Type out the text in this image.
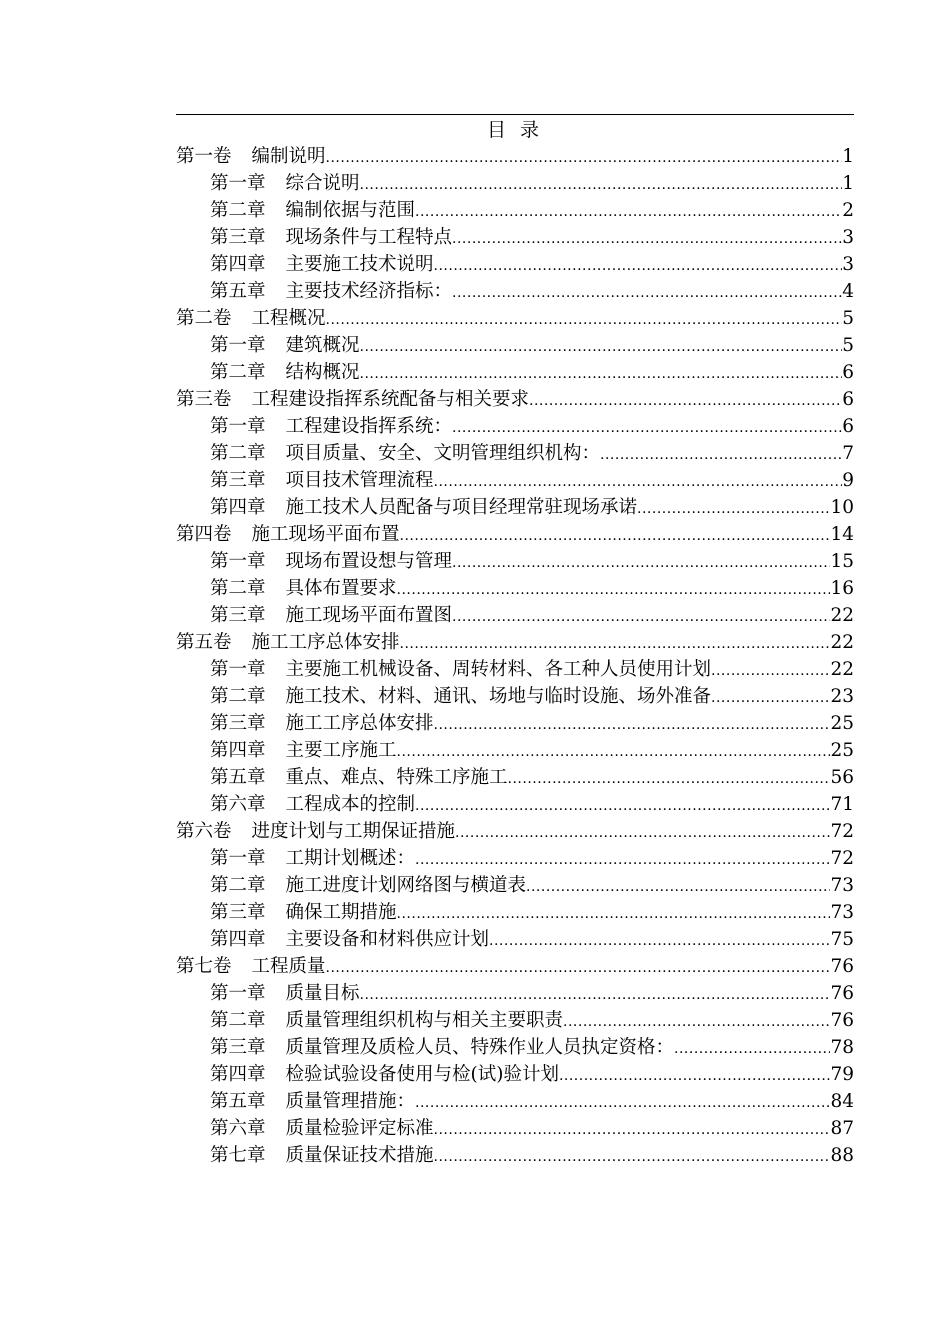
目 录
第一卷 编制说明 .....	1
第一章 综合说明 .....	1
第二章 编制依据与范围 .....	2
第三章 现场条件与工程特点 .....	3
第四章 主要施工技术说明 .....	3
第五章 主要技术经济指标： .....	4
第二卷 工程概况 .....	5
第一章 建筑概况 .....	5
第二章 结构概况 .....	6
第三卷 工程建设指挥系统配备与相关要求 .....	6
第一章 工程建设指挥系统： .....	6
第二章 项目质量、安全、文明管理组织机构： .....	7
第三章 项目技术管理流程 .....	9
第四章 施工技术人员配备与项目经理常驻现场承诺 .....	10
第四卷 施工现场平面布置 .....	14
第一章 现场布置设想与管理 .....	15
第二章 具体布置要求 .....	16
第三章 施工现场平面布置图 .....	22
第五卷 施工工序总体安排 .....	22
第一章 主要施工机械设备、周转材料、各工种人员使用计划 .....	22
第二章 施工技术、材料、通讯、场地与临时设施、场外准备 .....	23
第三章 施工工序总体安排 .....	25
第四章 主要工序施工 .....	25
第五章 重点、难点、特殊工序施工 .....	56
第六章 工程成本的控制 .....	71
第六卷 进度计划与工期保证措施 .....	72
第一章 工期计划概述： .....	72
第二章 施工进度计划网络图与横道表 .....	73
第三章 确保工期措施 .....	73
第四章 主要设备和材料供应计划 .....	75
第七卷 工程质量 .....	76
第一章 质量目标 .....	76
第二章 质量管理组织机构与相关主要职责 .....	76
第三章 质量管理及质检人员、特殊作业人员执定资格： .....	78
第四章 检验试验设备使用与检(试)验计划 .....	79
第五章 质量管理措施： .....	84
第六章 质量检验评定标准 .....	87
第七章 质量保证技术措施 .....	88
